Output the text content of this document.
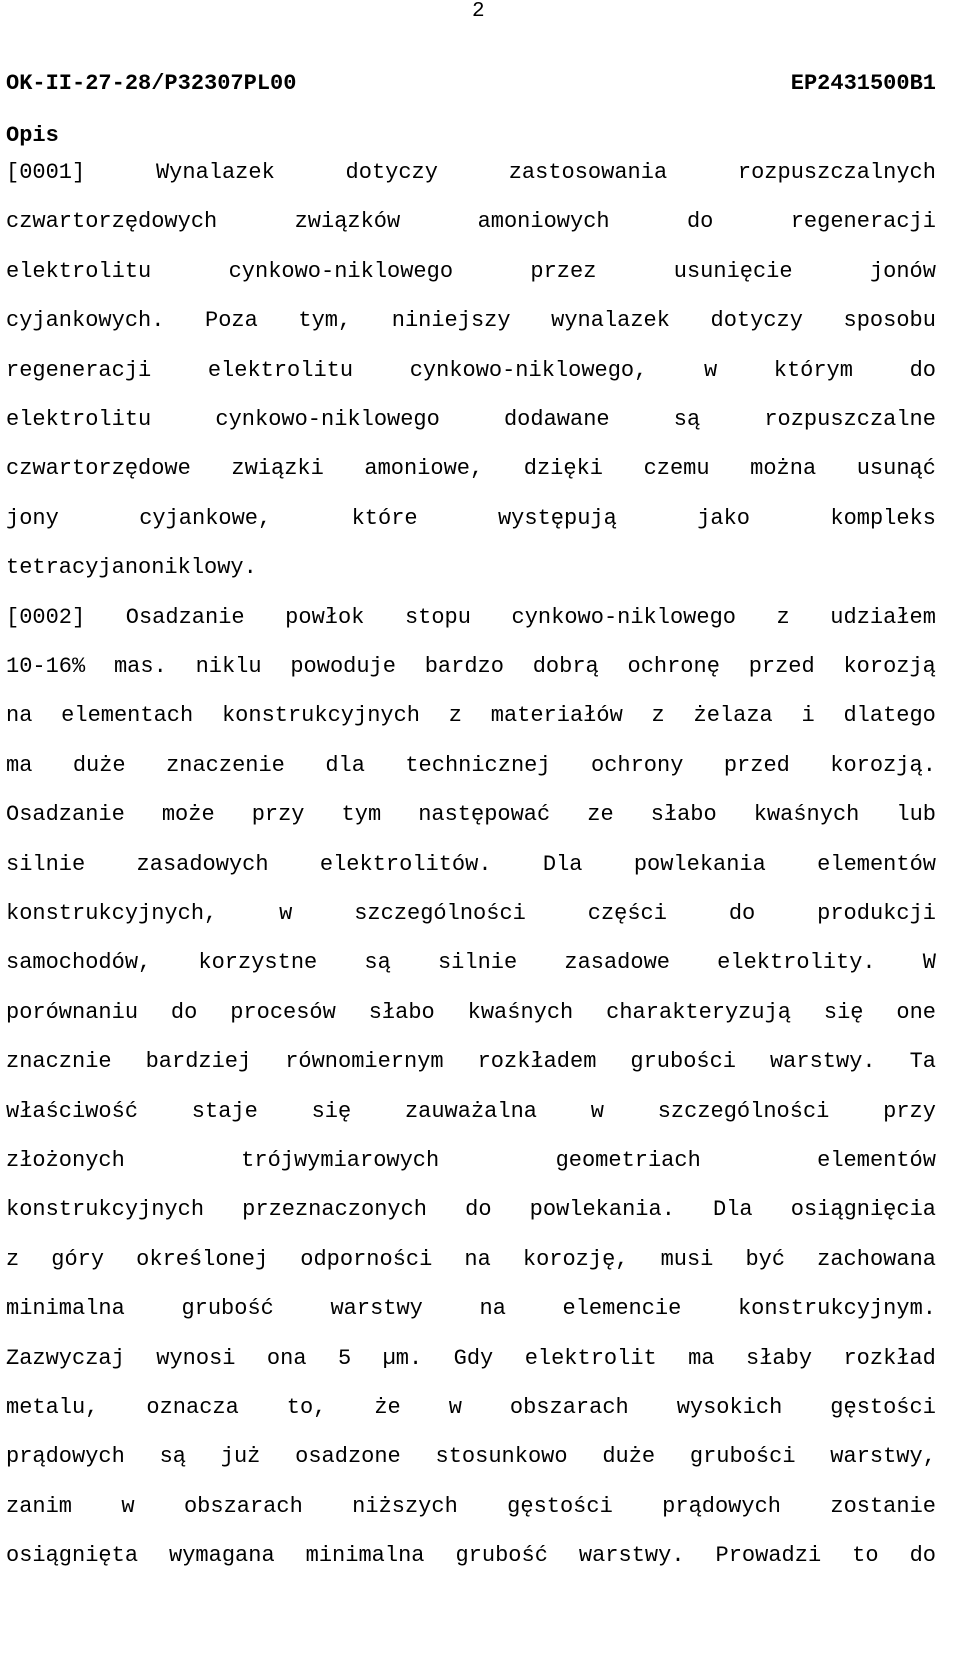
2
OK-II-27-28/P32307PL00	EP2431500B1
Opis
[0001]	Wynalazek	dotyczy	zastosowania	rozpuszczalnych
czwartorzędowych	związków	amoniowych	do	regeneracji
elektrolitu	cynkowo-niklowego	przez	usunięcie	jonów
cyjankowych. Poza tym, niniejszy wynalazek dotyczy sposobu
regeneracji	elektrolitu	cynkowo-niklowego,	w	którym	do
elektrolitu	cynkowo-niklowego	dodawane	są	rozpuszczalne
czwartorzędowe związki amoniowe, dzięki czemu można usunąć
jony	cyjankowe,	które	występują	jako	kompleks
tetracyjanoniklowy.
[0002] Osadzanie powłok stopu cynkowo-niklowego z udziałem
10-16% mas. niklu powoduje bardzo dobrą ochronę przed korozją
na elementach konstrukcyjnych z materiałów z żelaza i dlatego
ma duże znaczenie dla technicznej ochrony przed korozją.
Osadzanie może przy tym następować ze słabo kwaśnych lub
silnie zasadowych elektrolitów. Dla powlekania elementów
konstrukcyjnych,	w	szczególności	części	do	produkcji
samochodów, korzystne są silnie zasadowe elektrolity. W
porównaniu do procesów słabo kwaśnych charakteryzują się one
znacznie bardziej równomiernym rozkładem grubości warstwy. Ta
właściwość staje się zauważalna w szczególności przy
złożonych	trójwymiarowych	geometriach	elementów
konstrukcyjnych przeznaczonych do powlekania. Dla osiągnięcia
z góry określonej odporności na korozję, musi być zachowana
minimalna	grubość	warstwy	na	elemencie	konstrukcyjnym.
Zazwyczaj wynosi ona 5 µm. Gdy elektrolit ma słaby rozkład
metalu, oznacza to, że w obszarach wysokich gęstości
prądowych są już osadzone stosunkowo duże grubości warstwy,
zanim w obszarach niższych gęstości prądowych zostanie
osiągnięta wymagana minimalna grubość warstwy. Prowadzi to do
